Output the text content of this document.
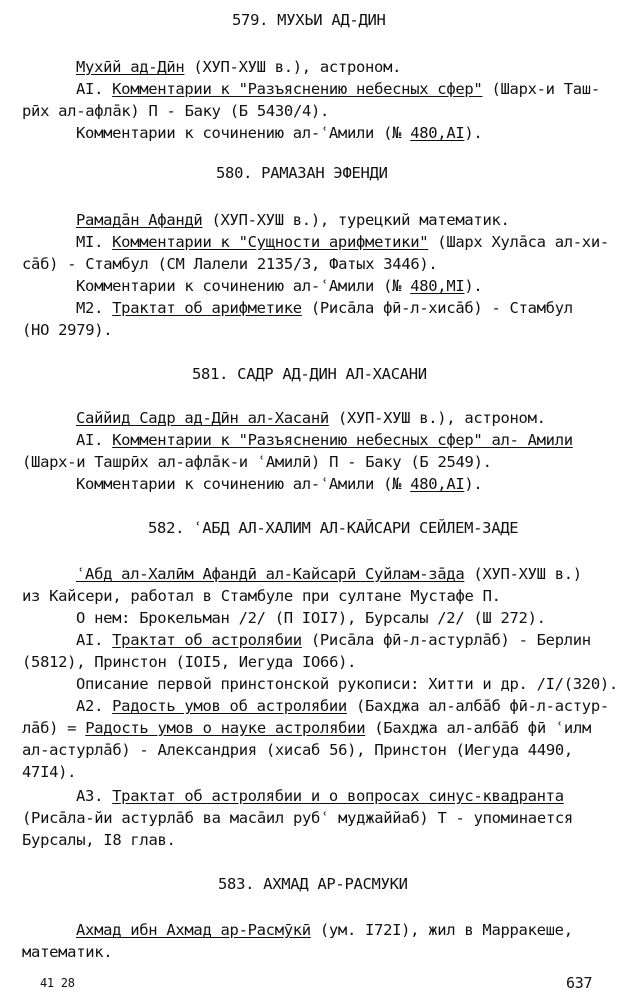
579. МУХЬИ АД-ДИН
Мухӣй ад-Дӣн (ХУП-ХУШ в.), астроном.
AI. Комментарии к "Разъяснению небесных сфер" (Шарх-и Таш-
рӣх ал-афлāк) П - Баку (Б 5430/4).
Комментарии к сочинению ал-ʿАмили (№ 480,AI).
580. РАМАЗАН ЭФЕНДИ
Рамадāн Афандӣ (ХУП-ХУШ в.), турецкий математик.
MI. Комментарии к "Сущности арифметики" (Шарх Хулāса ал-хи-
сāб) - Стамбул (СМ Лалели 2135/3, Фатых 3446).
Комментарии к сочинению ал-ʿАмили (№ 480,MI).
M2. Трактат об арифметике (Рисāла фӣ-л-хисāб) - Стамбул
(НО 2979).
581. САДР АД-ДИН АЛ-ХАСАНИ
Саййид Садр ад-Дӣн ал-Хасанӣ (ХУП-ХУШ в.), астроном.
AI. Комментарии к "Разъяснению небесных сфер" ал- Амили
(Шарх-и Ташрӣх ал-афлāк-и ʿАмилӣ) П - Баку (Б 2549).
Комментарии к сочинению ал-ʿАмили (№ 480,AI).
582. ʿАБД АЛ-ХАЛИМ АЛ-КАЙСАРИ СЕЙЛЕМ-ЗАДЕ
ʿАбд ал-Халӣм Афандӣ ал-Кайсарӣ Суйлам-зāда (ХУП-ХУШ в.)
из Кайсери, работал в Стамбуле при султане Мустафе П.
О нем: Брокельман /2/ (П IOI7), Бурсалы /2/ (Ш 272).
AI. Трактат об астролябии (Рисāла фӣ-л-астурлāб) - Берлин
(5812), Принстон (IOI5, Иегуда IO66).
Описание первой принстонской рукописи: Хитти и др. /I/(320).
A2. Радость умов об астролябии (Бахджа ал-албāб фӣ-л-астур-
лāб) = Радость умов о науке астролябии (Бахджа ал-албāб фӣ ʿилм
ал-астурлāб) - Александрия (хисаб 56), Принстон (Иегуда 4490,
47I4).
A3. Трактат об астролябии и о вопросах синус-квадранта
(Рисāла-йи астурлāб ва масāил рубʿ муджаййаб) Т - упоминается
Бурсалы, I8 глав.
583. АХМАД АР-РАСМУКИ
Ахмад ибн Ахмад ар-Расмӯкӣ (ум. I72I), жил в Марракеше,
математик.
41 28	637
